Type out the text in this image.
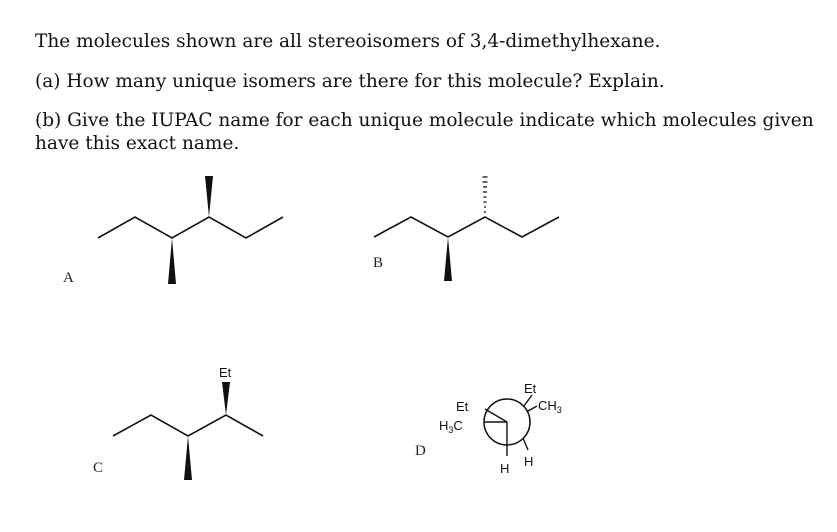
The molecules shown are all stereoisomers of 3,4-dimethylhexane.
(a) How many unique isomers are there for this molecule? Explain.
(b) Give the IUPAC name for each unique molecule indicate which molecules given have this exact name.
A
B
C
D
Et
Et
$H_3C$
H
Et
$CH_3$
H
